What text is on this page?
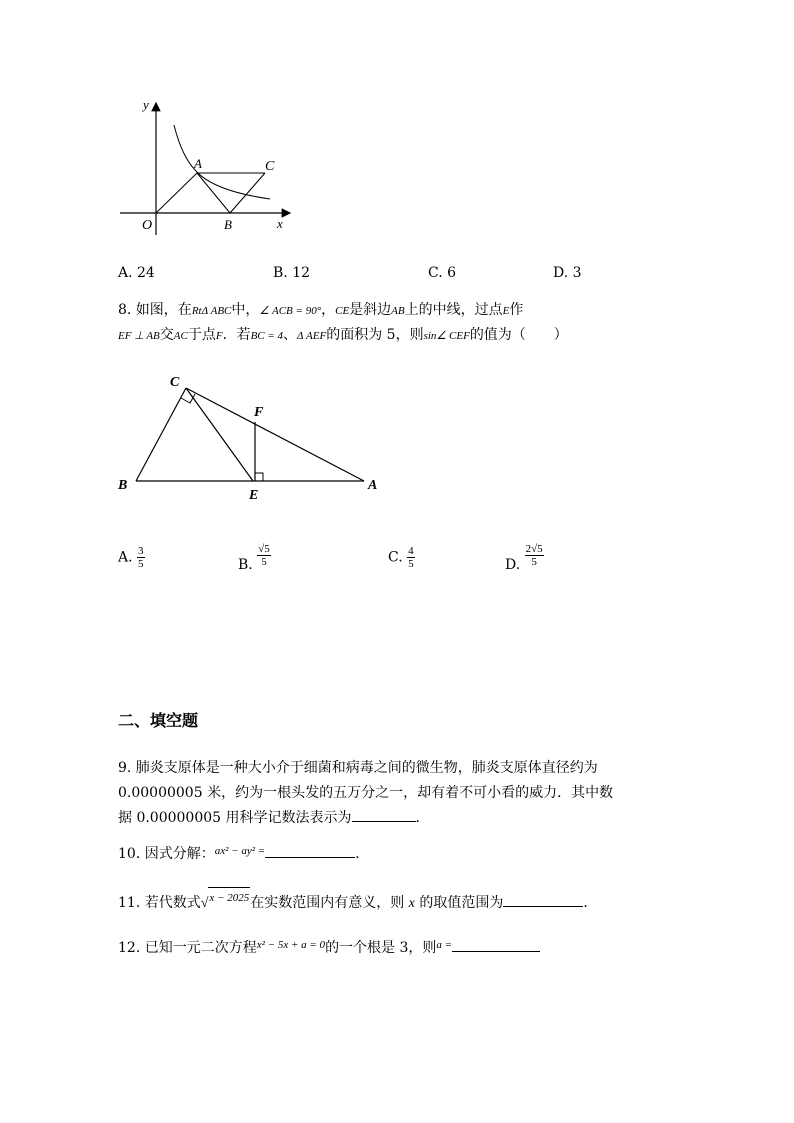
y
x
O
A
B
C
A. 24	B. 12	C. 6	D. 3
8. 如图，在RtΔ ABC中，∠ ACB = 90°，CE是斜边AB上的中线，过点E作
EF ⊥ AB交AC于点F．若BC = 4、Δ AEF的面积为 5，则sin∠ CEF的值为（　　）
C
F
B
E
A
A. $\frac{3}{5}$	B. $\frac{√5}{5}$	C. $\frac{4}{5}$	D. $\frac{2√5}{5}$
二、填空题
9. 肺炎支原体是一种大小介于细菌和病毒之间的微生物，肺炎支原体直径约为
0.00000005 米，约为一根头发的五万分之一，却有着不可小看的威力．其中数
据 0.00000005 用科学记数法表示为	．
10. 因式分解：$^{ax^2 - ay^2 =}$	．
11. 若代数式√x − 2025在实数范围内有意义，则 x 的取值范围为	．
12. 已知一元二次方程$^{x^2 - 5x + a = 0}$的一个根是 3，则$^{a =}$
